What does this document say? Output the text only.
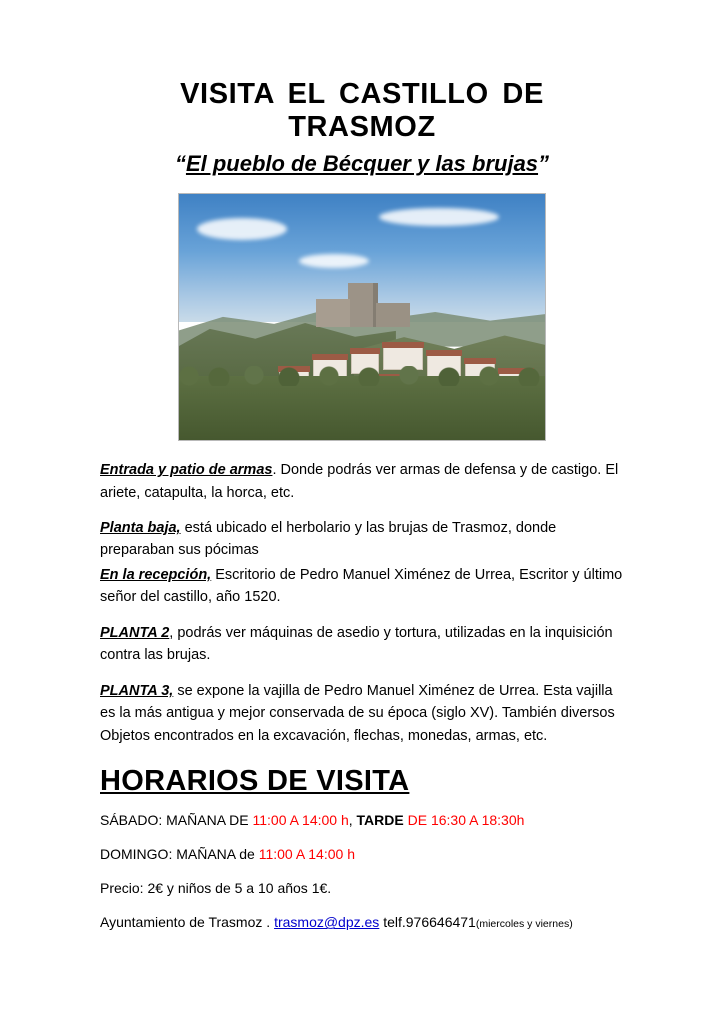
VISITA EL CASTILLO DE TRASMOZ
“El pueblo de Bécquer y las brujas”

Entrada y patio de armas. Donde podrás ver armas de defensa y de castigo. El ariete, catapulta, la horca, etc.

Planta baja, está ubicado el herbolario y las brujas de Trasmoz, donde preparaban sus pócimas

En la recepción, Escritorio de Pedro Manuel Ximénez de Urrea, Escritor y último señor del castillo, año 1520.

PLANTA 2, podrás ver máquinas de asedio y tortura, utilizadas en la inquisición contra las brujas.

PLANTA 3, se expone la vajilla de Pedro Manuel Ximénez de Urrea. Esta vajilla es la más antigua y mejor conservada de su época (siglo XV). También diversos Objetos encontrados en la excavación, flechas, monedas, armas, etc.

HORARIOS DE VISITA

SÁBADO: MAÑANA DE 11:00 A 14:00 h, TARDE DE 16:30 A 18:30h

DOMINGO: MAÑANA de 11:00 A 14:00 h

Precio: 2€ y niños de 5 a 10 años 1€.

Ayuntamiento de Trasmoz . trasmoz@dpz.es telf.976646471(miercoles y viernes)
